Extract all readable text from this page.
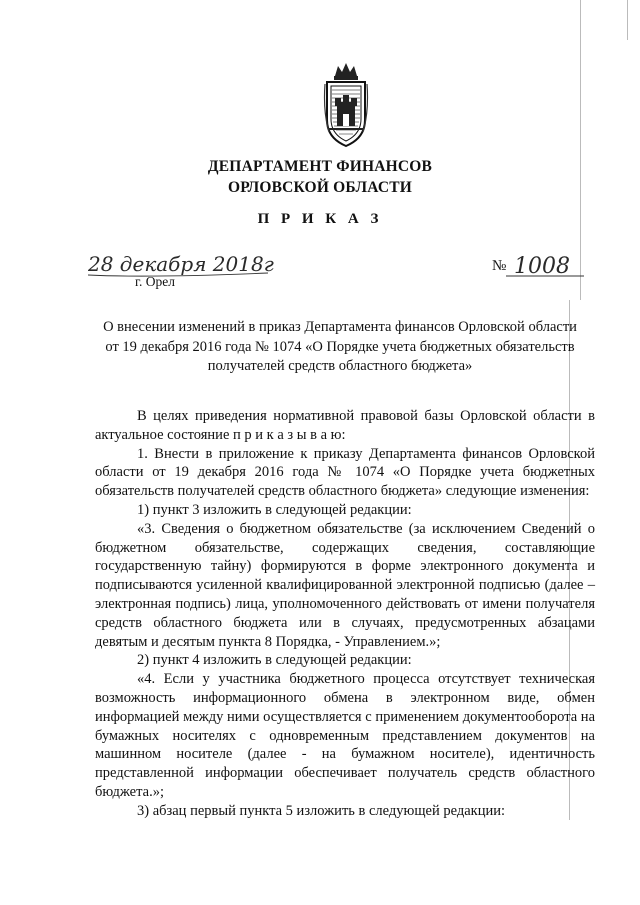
ДЕПАРТАМЕНТ ФИНАНСОВ
ОРЛОВСКОЙ ОБЛАСТИ
П Р И К А З
28 декабря 2018г
г. Орел
№ 1008
О внесении изменений в приказ Департамента финансов Орловской области
от 19 декабря 2016 года № 1074 «О Порядке учета бюджетных обязательств
получателей средств областного бюджета»

В целях приведения нормативной правовой базы Орловской области в актуальное состояние п р и к а з ы в а ю:

1. Внести в приложение к приказу Департамента финансов Орловской области от 19 декабря 2016 года № 1074 «О Порядке учета бюджетных обязательств получателей средств областного бюджета» следующие изменения:

1) пункт 3 изложить в следующей редакции:

«3. Сведения о бюджетном обязательстве (за исключением Сведений о бюджетном обязательстве, содержащих сведения, составляющие государственную тайну) формируются в форме электронного документа и подписываются усиленной квалифицированной электронной подписью (далее – электронная подпись) лица, уполномоченного действовать от имени получателя средств областного бюджета или в случаях, предусмотренных абзацами девятым и десятым пункта 8 Порядка, - Управлением.»;

2) пункт 4 изложить в следующей редакции:

«4. Если у участника бюджетного процесса отсутствует техническая возможность информационного обмена в электронном виде, обмен информацией между ними осуществляется с применением документооборота на бумажных носителях с одновременным представлением документов на машинном носителе (далее - на бумажном носителе), идентичность представленной информации обеспечивает получатель средств областного бюджета.»;

3) абзац первый пункта 5 изложить в следующей редакции:
